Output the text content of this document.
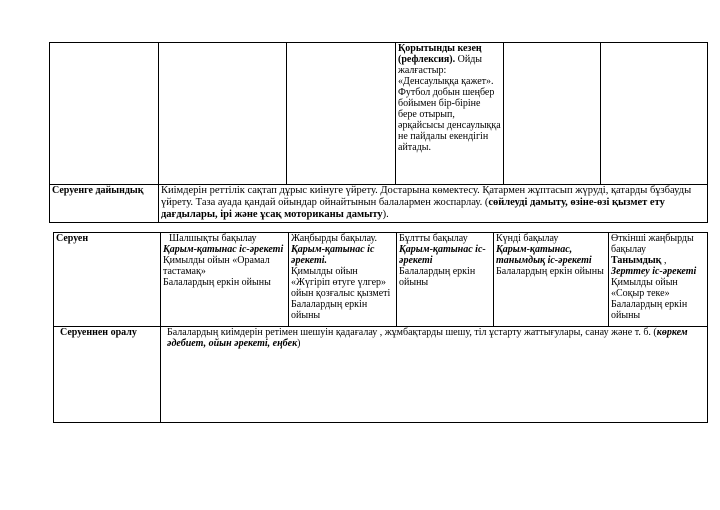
			Қорытынды кезең (рефлексия). Ойды жалғастыр: «Денсаулыққа қажет». Футбол добын шеңбер бойымен бір-біріне бере отырып, әрқайсысы денсаулыққа не пайдалы екендігін айтады.		
Серуенге дайындық	Киімдерін реттілік сақтап дұрыс киінуге үйрету. Достарына көмектесу. Қатармен жұптасып жүруді, қатарды бұзбауды үйрету. Таза ауада қандай ойындар ойнайтынын балалармен жоспарлау. (сөйлеуді дамыту, өзіне-өзі қызмет ету дағдылары, ірі және ұсақ моториканы дамыту).				
Серуен	Шалшықты бақылау
Қарым-қатынас іс-әрекеті
Қимылды ойын «Орамал тастамақ»
Балалардың еркін ойыны	Жаңбырды бақылау.
Қарым-қатынас іс әрекеті.
Қимылды ойын «Жүгіріп өтуге үлгер» ойын қозғалыс қызметі
Балалардың еркін ойыны	Бұлтты бақылау
Қарым-қатынас іс-әрекеті
Балалардың еркін ойыны	Күнді бақылау
Қарым-қатынас, танымдық іс-әрекеті
Балалардың еркін ойыны	Өткінші жаңбырды бақылау
Танымдық ,
Зерттеу іс-әрекеті
Қимылды ойын «Соқыр теке»
Балалардың еркін ойыны

Серуеннен оралу	Балалардың киімдерін ретімен шешуін қадағалау , жұмбақтарды шешу, тіл ұстарту жаттығулары, санау және т. б. (көркем әдебиет, ойын әрекеті, еңбек)				
